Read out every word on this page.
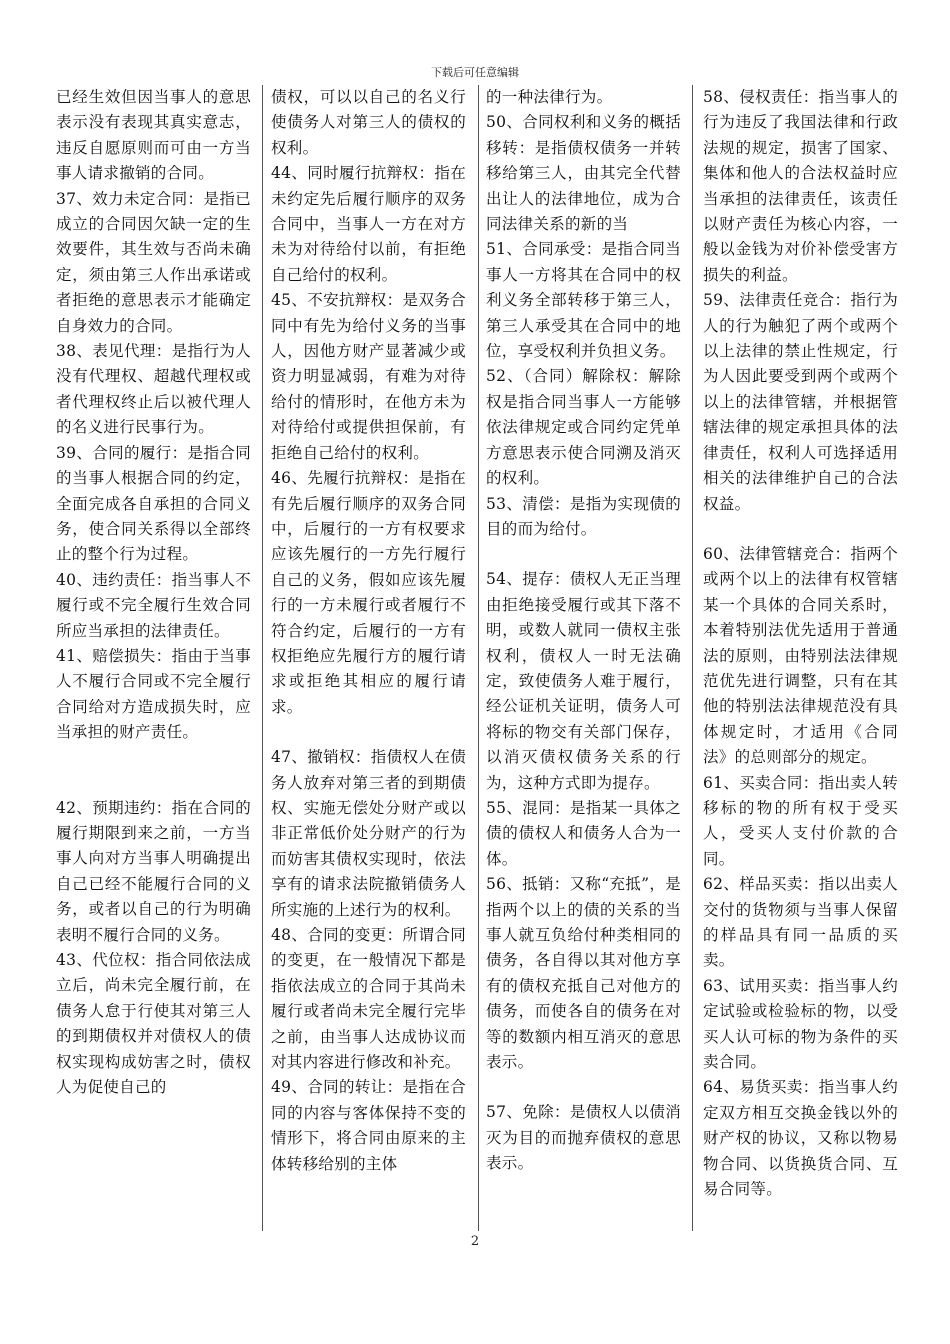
下载后可任意编辑

已经生效但因当事人的意思表示没有表现其真实意志，违反自愿原则而可由一方当事人请求撤销的合同。

37、效力未定合同：是指已成立的合同因欠缺一定的生效要件，其生效与否尚未确定，须由第三人作出承诺或者拒绝的意思表示才能确定自身效力的合同。

38、表见代理：是指行为人没有代理权、超越代理权或者代理权终止后以被代理人的名义进行民事行为。

39、合同的履行：是指合同的当事人根据合同的约定，全面完成各自承担的合同义务，使合同关系得以全部终止的整个行为过程。

40、违约责任：指当事人不履行或不完全履行生效合同所应当承担的法律责任。

41、赔偿损失：指由于当事人不履行合同或不完全履行合同给对方造成损失时，应当承担的财产责任。

42、预期违约：指在合同的履行期限到来之前，一方当事人向对方当事人明确提出自己已经不能履行合同的义务，或者以自己的行为明确表明不履行合同的义务。

43、代位权：指合同依法成立后，尚未完全履行前，在债务人怠于行使其对第三人的到期债权并对债权人的债权实现构成妨害之时，债权人为促使自己的

债权，可以以自己的名义行使债务人对第三人的债权的权利。

44、同时履行抗辩权：指在未约定先后履行顺序的双务合同中，当事人一方在对方未为对待给付以前，有拒绝自己给付的权利。

45、不安抗辩权：是双务合同中有先为给付义务的当事人，因他方财产显著减少或资力明显减弱，有难为对待给付的情形时，在他方未为对待给付或提供担保前，有拒绝自己给付的权利。

46、先履行抗辩权：是指在有先后履行顺序的双务合同中，后履行的一方有权要求应该先履行的一方先行履行自己的义务，假如应该先履行的一方未履行或者履行不符合约定，后履行的一方有权拒绝应先履行方的履行请求或拒绝其相应的履行请求。

47、撤销权：指债权人在债务人放弃对第三者的到期债权、实施无偿处分财产或以非正常低价处分财产的行为而妨害其债权实现时，依法享有的请求法院撤销债务人所实施的上述行为的权利。

48、合同的变更：所谓合同的变更，在一般情况下都是指依法成立的合同于其尚未履行或者尚未完全履行完毕之前，由当事人达成协议而对其内容进行修改和补充。

49、合同的转让：是指在合同的内容与客体保持不变的情形下，将合同由原来的主体转移给别的主体

的一种法律行为。

50、合同权利和义务的概括移转：是指债权债务一并转移给第三人，由其完全代替出让人的法律地位，成为合同法律关系的新的当

51、合同承受：是指合同当事人一方将其在合同中的权利义务全部转移于第三人，第三人承受其在合同中的地位，享受权利并负担义务。

52、（合同）解除权：解除权是指合同当事人一方能够依法律规定或合同约定凭单方意思表示使合同溯及消灭的权利。

53、清偿：是指为实现债的目的而为给付。

54、提存：债权人无正当理由拒绝接受履行或其下落不明，或数人就同一债权主张权利，债权人一时无法确定，致使债务人难于履行，经公证机关证明，债务人可将标的物交有关部门保存，以消灭债权债务关系的行为，这种方式即为提存。

55、混同：是指某一具体之债的债权人和债务人合为一体。

56、抵销：又称“充抵”，是指两个以上的债的关系的当事人就互负给付种类相同的债务，各自得以其对他方享有的债权充抵自己对他方的债务，而使各自的债务在对等的数额内相互消灭的意思表示。

57、免除：是债权人以债消灭为目的而抛弃债权的意思表示。

58、侵权责任：指当事人的行为违反了我国法律和行政法规的规定，损害了国家、集体和他人的合法权益时应当承担的法律责任，该责任以财产责任为核心内容，一般以金钱为对价补偿受害方损失的利益。

59、法律责任竞合：指行为人的行为触犯了两个或两个以上法律的禁止性规定，行为人因此要受到两个或两个以上的法律管辖，并根据管辖法律的规定承担具体的法律责任，权利人可选择适用相关的法律维护自己的合法权益。

60、法律管辖竞合：指两个或两个以上的法律有权管辖某一个具体的合同关系时，本着特别法优先适用于普通法的原则，由特别法法律规范优先进行调整，只有在其他的特别法法律规范没有具体规定时，才适用《合同法》的总则部分的规定。

61、买卖合同：指出卖人转移标的物的所有权于受买人，受买人支付价款的合同。

62、样品买卖：指以出卖人交付的货物须与当事人保留的样品具有同一品质的买卖。

63、试用买卖：指当事人约定试验或检验标的物，以受买人认可标的物为条件的买卖合同。

64、易货买卖：指当事人约定双方相互交换金钱以外的财产权的协议，又称以物易物合同、以货换货合同、互易合同等。

2
